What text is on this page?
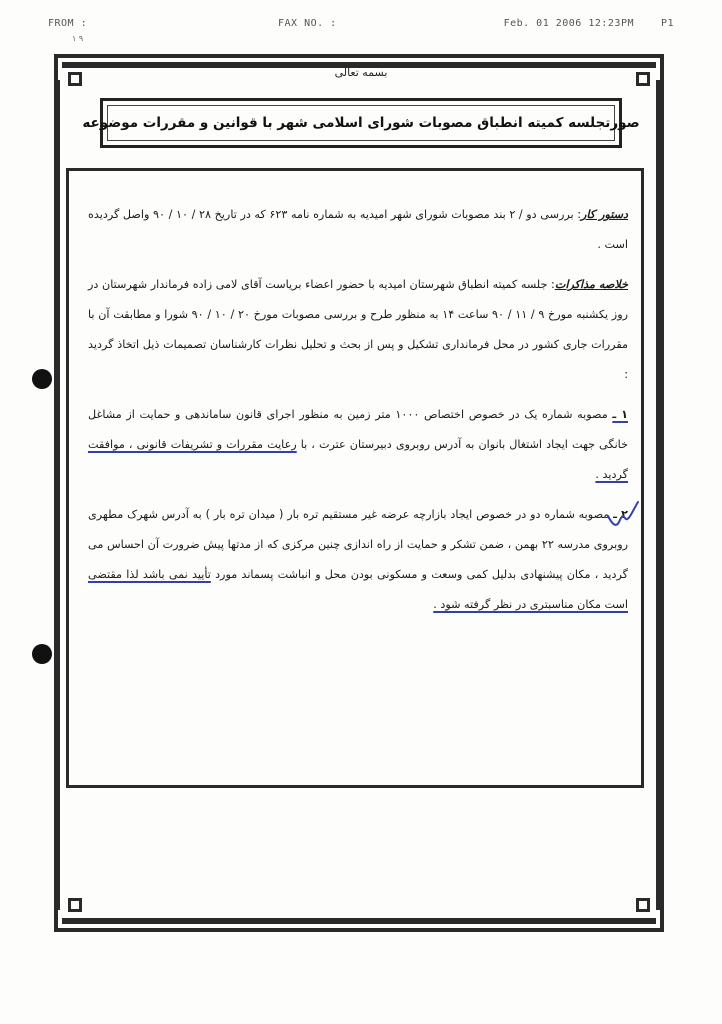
FROM :	FAX NO. :	Feb. 01 2006 12:23PM	P1
٩ ١
بسمه تعالی
صورتجلسه کمیته انطباق مصوبات شورای اسلامی شهر با قوانین و مقررات موضوعه

دستور کار: بررسی دو / ۲ بند مصوبات شورای شهر امیدیه به شماره نامه ۶۲۳ که در تاریخ ۲۸ / ۱۰ / ۹۰ واصل گردیده است .

خلاصه مذاکرات: جلسه کمیته انطباق شهرستان امیدیه با حضور اعضاء بریاست آقای لامی زاده فرماندار شهرستان در روز یکشنبه مورخ ۹ / ۱۱ / ۹۰ ساعت ۱۴ به منظور طرح و بررسی مصوبات مورخ ۲۰ / ۱۰ / ۹۰ شورا و مطابقت آن با مقررات جاری کشور در محل فرمانداری تشکیل و پس از بحث و تحلیل نظرات کارشناسان تصمیمات ذیل اتخاذ گردید :

۱ ـ مصوبه شماره یک در خصوص اختصاص ۱۰۰۰ متر زمین به منظور اجرای قانون ساماندهی و حمایت از مشاغل خانگی جهت ایجاد اشتغال بانوان به آدرس روبروی دبیرستان عترت ، با رعایت مقررات و تشریفات قانونی ، موافقت گردید .

۲ ـ مصوبه شماره دو در خصوص ایجاد بازارچه عرضه غیر مستقیم تره بار ( میدان تره بار ) به آدرس شهرک مطهری روبروی مدرسه ۲۲ بهمن ، ضمن تشکر و حمایت از راه اندازی چنین مرکزی که از مدتها پیش ضرورت آن احساس می گردید ، مکان پیشنهادی بدلیل کمی وسعت و مسکونی بودن محل و انباشت پسماند مورد تأیید نمی باشد لذا مقتضی است مکان مناسبتری در نظر گرفته شود .
